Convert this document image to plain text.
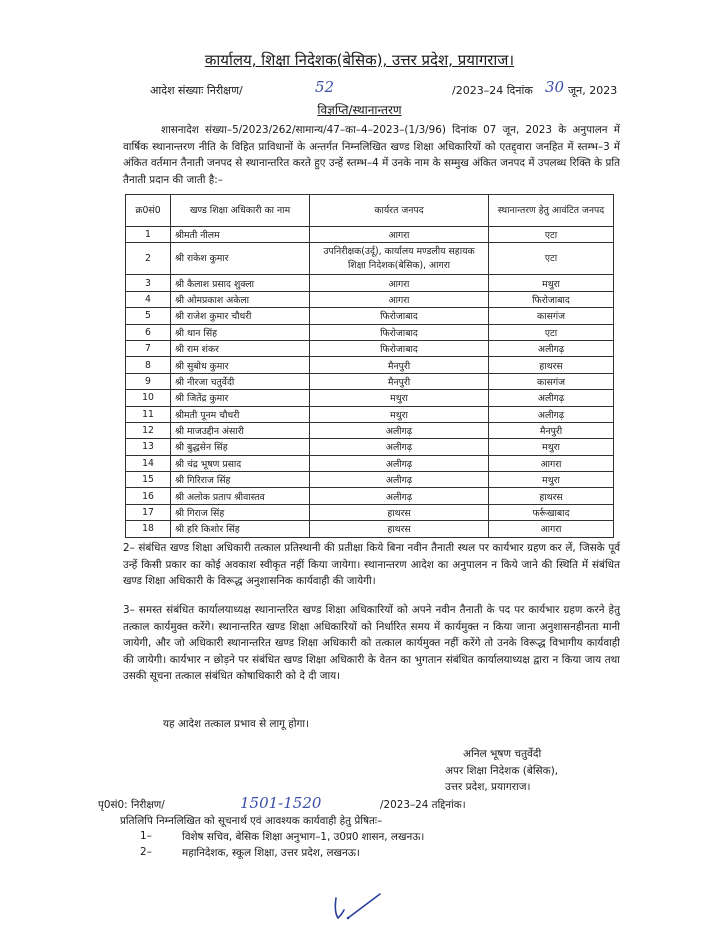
कार्यालय, शिक्षा निदेशक(बेसिक), उत्तर प्रदेश, प्रयागराज।
आदेश संख्याः निरीक्षण/	52	/2023–24 दिनांक 30 जून, 2023
विज्ञप्ति/स्थानान्तरण
शासनादेश संख्या–5/2023/262/सामान्य/47–का–4–2023–(1/3/96) दिनांक 07 जून, 2023 के अनुपालन में वार्षिक स्थानान्तरण नीति के विहित प्राविधानों के अन्तर्गत निम्नलिखित खण्ड शिक्षा अधिकारियों को एतद्द्वारा जनहित में स्तम्भ–3 में अंकित वर्तमान तैनाती जनपद से स्थानान्तरित करते हुए उन्हें स्तम्भ–4 में उनके नाम के सम्मुख अंकित जनपद में उपलब्ध रिक्ति के प्रति तैनाती प्रदान की जाती है:–
क्र0सं0	खण्ड शिक्षा अधिकारी का नाम	कार्यरत जनपद	स्थानान्तरण हेतु आवंटित जनपद
1	श्रीमती नीलम	आगरा	एटा
2	श्री राकेश कुमार	उपनिरीक्षक(उर्दू), कार्यालय मण्डलीय सहायक शिक्षा निदेशक(बेसिक), आगरा	एटा
3	श्री कैलाश प्रसाद शुक्ला	आगरा	मथुरा
4	श्री ओमप्रकाश अकेला	आगरा	फिरोजाबाद
5	श्री राजेश कुमार चौधरी	फिरोजाबाद	कासगंज
6	श्री थान सिंह	फिरोजाबाद	एटा
7	श्री राम शंकर	फिरोजाबाद	अलीगढ़
8	श्री सुबोध कुमार	मैनपुरी	हाथरस
9	श्री नीरजा चतुर्वेदी	मैनपुरी	कासगंज
10	श्री जितेंद्र कुमार	मथुरा	अलीगढ़
11	श्रीमती पूनम चौधरी	मथुरा	अलीगढ़
12	श्री माजउद्दीन अंसारी	अलीगढ़	मैनपुरी
13	श्री बुद्धसेन सिंह	अलीगढ़	मथुरा
14	श्री चंद्र भूषण प्रसाद	अलीगढ़	आगरा
15	श्री गिरिराज सिंह	अलीगढ़	मथुरा
16	श्री अलोक प्रताप श्रीवास्तव	अलीगढ़	हाथरस
17	श्री गिराज सिंह	हाथरस	फर्रूखाबाद
18	श्री हरि किशोर सिंह	हाथरस	आगरा
2– संबंधित खण्ड शिक्षा अधिकारी तत्काल प्रतिस्थानी की प्रतीक्षा किये बिना नवीन तैनाती स्थल पर कार्यभार ग्रहण कर लें, जिसके पूर्व उन्हें किसी प्रकार का कोई अवकाश स्वीकृत नहीं किया जायेगा। स्थानान्तरण आदेश का अनुपालन न किये जाने की स्थिति में संबंधित खण्ड शिक्षा अधिकारी के विरूद्ध अनुशासनिक कार्यवाही की जायेगी।
3– समस्त संबंधित कार्यालयाध्यक्ष स्थानान्तरित खण्ड शिक्षा अधिकारियों को अपने नवीन तैनाती के पद पर कार्यभार ग्रहण करने हेतु तत्काल कार्यमुक्त करेंगे। स्थानान्तरित खण्ड शिक्षा अधिकारियों को निर्धारित समय में कार्यमुक्त न किया जाना अनुशासनहीनता मानी जायेगी, और जो अधिकारी स्थानान्तरित खण्ड शिक्षा अधिकारी को तत्काल कार्यमुक्त नहीं करेंगे तो उनके विरूद्ध विभागीय कार्यवाही की जायेगी। कार्यभार न छोड़ने पर संबंधित खण्ड शिक्षा अधिकारी के वेतन का भुगतान संबंधित कार्यालयाध्यक्ष द्वारा न किया जाय तथा उसकी सूचना तत्काल संबंधित कोषाधिकारी को दे दी जाय।
यह आदेश तत्काल प्रभाव से लागू होगा।
अनिल भूषण चतुर्वेदी
अपर शिक्षा निदेशक (बेसिक),
उत्तर प्रदेश, प्रयागराज।
पृ0सं0: निरीक्षण/	1501-1520	/2023–24 तद्दिनांक।
प्रतिलिपि निम्नलिखित को सूचनार्थ एवं आवश्यक कार्यवाही हेतु प्रेषितः–
1–	विशेष सचिव, बेसिक शिक्षा अनुभाग–1, उ0प्र0 शासन, लखनऊ।
2–	महानिदेशक, स्कूल शिक्षा, उत्तर प्रदेश, लखनऊ।
